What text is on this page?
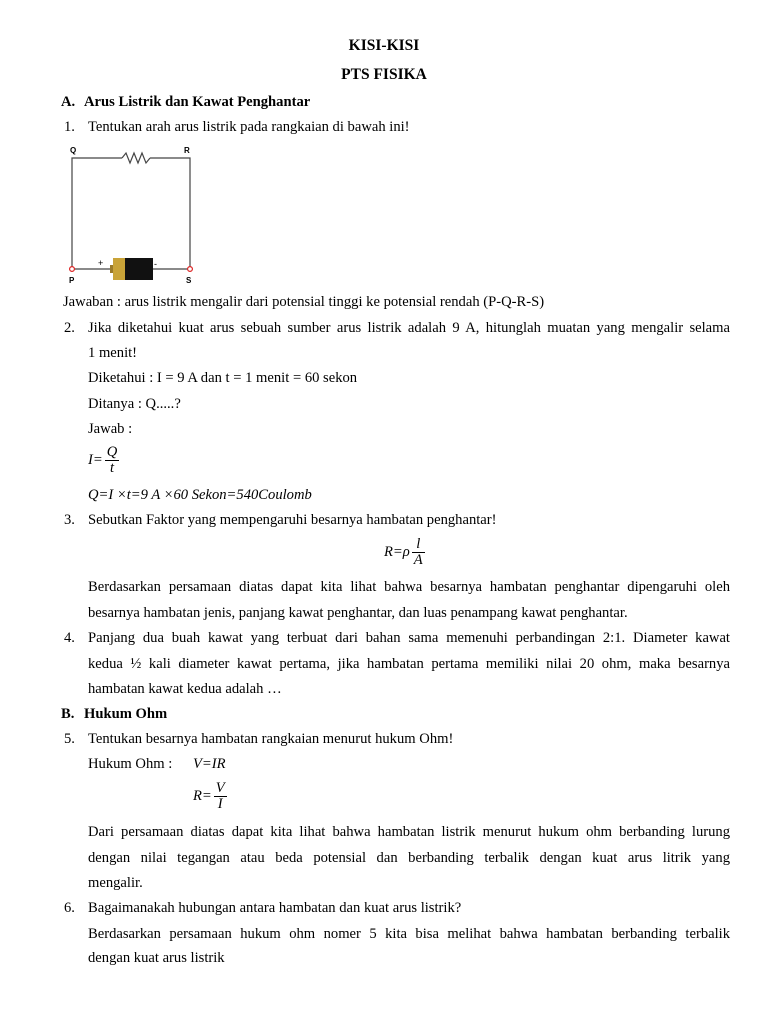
KISI-KISI
PTS FISIKA
A. Arus Listrik dan Kawat Penghantar
1. Tentukan arah arus listrik pada rangkaian di bawah ini!
Q	R
+	-
P	S
Jawaban : arus listrik mengalir dari potensial tinggi ke potensial rendah (P-Q-R-S)
2. Jika diketahui kuat arus sebuah sumber arus listrik adalah 9 A, hitunglah muatan yang mengalir selama
1 menit!
Diketahui : I = 9 A dan t = 1 menit = 60 sekon
Ditanya : Q.....?
Jawab :
$I= \frac{Q}{t}$
Q=I ×t=9 A ×60 Sekon=540Coulomb
3. Sebutkan Faktor yang mempengaruhi besarnya hambatan penghantar!
$R=\rho \frac{l}{A}$
Berdasarkan persamaan diatas dapat kita lihat bahwa besarnya hambatan penghantar dipengaruhi oleh
besarnya hambatan jenis, panjang kawat penghantar, dan luas penampang kawat penghantar.
4. Panjang dua buah kawat yang terbuat dari bahan sama memenuhi perbandingan 2:1. Diameter kawat
kedua ½ kali diameter kawat pertama, jika hambatan pertama memiliki nilai 20 ohm, maka besarnya
hambatan kawat kedua adalah …
B. Hukum Ohm
5. Tentukan besarnya hambatan rangkaian menurut hukum Ohm!
Hukum Ohm : V=IR
$R= \frac{V}{I}$
Dari persamaan diatas dapat kita lihat bahwa hambatan listrik menurut hukum ohm berbanding lurung
dengan nilai tegangan atau beda potensial dan berbanding terbalik dengan kuat arus litrik yang
mengalir.
6. Bagaimanakah hubungan antara hambatan dan kuat arus listrik?
Berdasarkan persamaan hukum ohm nomer 5 kita bisa melihat bahwa hambatan berbanding terbalik
dengan kuat arus listrik
